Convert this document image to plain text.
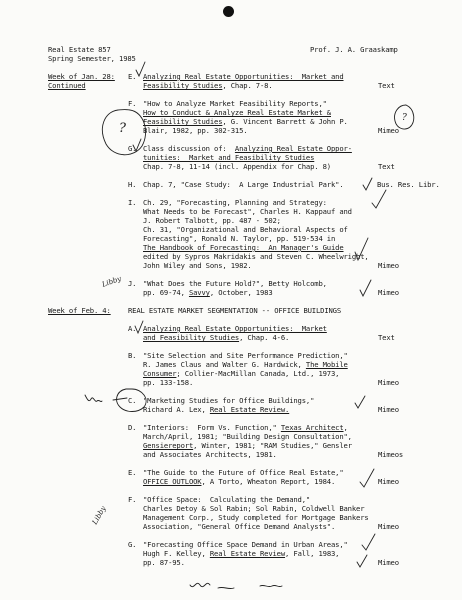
Real Estate 857
Spring Semester, 1985
Prof. J. A. Graaskamp
Week of Jan. 28:
Continued
E. Analyzing Real Estate Opportunities:  Market and
Feasibility Studies, Chap. 7-8.	Text
F. "How to Analyze Market Feasibility Reports,"
How to Conduct & Analyze Real Estate Market &
Feasibility Studies, G. Vincent Barrett & John P.
Blair, 1982, pp. 302-315.	Mimeo
G. Class discussion of:  Analyzing Real Estate Oppor-
tunities:  Market and Feasibility Studies
Chap. 7-8, 11-14 (incl. Appendix for Chap. 8)	Text
H. Chap. 7, "Case Study:  A Large Industrial Park".	Bus. Res. Libr.
I. Ch. 29, "Forecasting, Planning and Strategy:
What Needs to be Forecast", Charles H. Kappauf and
J. Robert Talbott, pp. 487 - 502;
Ch. 31, "Organizational and Behavioral Aspects of
Forecasting", Ronald N. Taylor, pp. 519-534 in
The Handbook of Forecasting:  An Manager's Guide
edited by Sypros Makridakis and Steven C. Wheelwright,
John Wiley and Sons, 1982.	Mimeo
J. "What Does the Future Hold?", Betty Holcomb,
pp. 69-74, Savvy, October, 1983	Mimeo
Week of Feb. 4: REAL ESTATE MARKET SEGMENTATION -- OFFICE BUILDINGS
A. Analyzing Real Estate Opportunities:  Market
and Feasibility Studies, Chap. 4-6.	Text
B. "Site Selection and Site Performance Prediction,"
R. James Claus and Walter G. Hardwick, The Mobile
Consumer; Collier-MacMillan Canada, Ltd., 1973,
pp. 133-158.	Mimeo
C. "Marketing Studies for Office Buildings,"
Richard A. Lex, Real Estate Review.	Mimeo
D. "Interiors:  Form Vs. Function," Texas Architect,
March/April, 1981; "Building Design Consultation",
Gensiereport, Winter, 1981; "RAM Studies," Gensler
and Associates Architects, 1981.	Mimeos
E. "The Guide to the Future of Office Real Estate,"
OFFICE OUTLOOK, A Torto, Wheaton Report, 1984.	Mimeo
F. "Office Space:  Calculating the Demand,"
Charles Detoy & Sol Rabin; Sol Rabin, Coldwell Banker
Management Corp., Study completed for Mortgage Bankers
Association, "General Office Demand Analysts".	Mimeo
G. "Forecasting Office Space Demand in Urban Areas,"
Hugh F. Kelley, Real Estate Review, Fall, 1983,
pp. 87-95.	Mimeo
?
?
Libby
Libby
